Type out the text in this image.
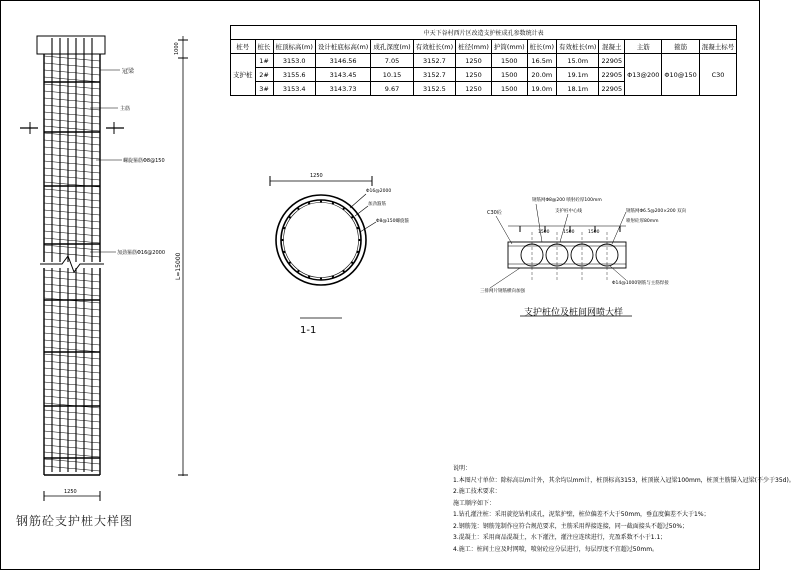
冠梁
主筋
螺旋箍筋Φ8@150
加劲箍筋Φ16@2000
1000
L=15000
1250
1250
Φ16@2000
加劲箍筋
Φ8@150螺旋箍
C30砼
钢筋网Φ8@200 喷射砼厚100mm
支护桩中心线	钢筋网Φ6.5@200×200 双向
喷射砼厚80mm
三排网片钢筋横向加强
Φ14@1000钢筋与主筋焊接
1500	1500	1500
中天下谷村西片区改造支护桩成孔参数统计表													
桩号	桩长	桩顶标高(m)	设计桩底标高(m)	成孔深度(m)	有效桩长(m)	桩径(mm)	护筒(mm)	桩长(m)	有效桩长(m)	混凝土	主筋	箍筋	混凝土标号
支护桩	1#	3153.0	3146.56	7.05	3152.7	1250	1500	16.5m	15.0m	22905	Φ13@200	Φ10@150	C30
	2#	3155.6	3143.45	10.15	3152.7	1250	1500	20.0m	19.1m	22905			
	3#	3153.4	3143.73	9.67	3152.5	1250	1500	19.0m	18.1m	22905			
钢筋砼支护桩大样图
1-1
支护桩位及桩间网喷大样
说明：
1.本图尺寸单位：除标高以m计外，其余均以mm计，桩顶标高3153，桩顶嵌入冠梁100mm，桩顶主筋锚入冠梁(不少于35d)。
2.施工技术要求：
施工顺序如下：
1.钻孔灌注桩：采用旋挖钻机成孔，泥浆护壁，桩位偏差不大于50mm，垂直度偏差不大于1%；
2.钢筋笼：钢筋笼制作应符合规范要求，主筋采用焊接连接，同一截面接头不超过50%；
3.混凝土：采用商品混凝土，水下灌注，灌注应连续进行，充盈系数不小于1.1；
4.施工：桩间土应及时网喷，喷射砼应分层进行，每层厚度不宜超过50mm。
